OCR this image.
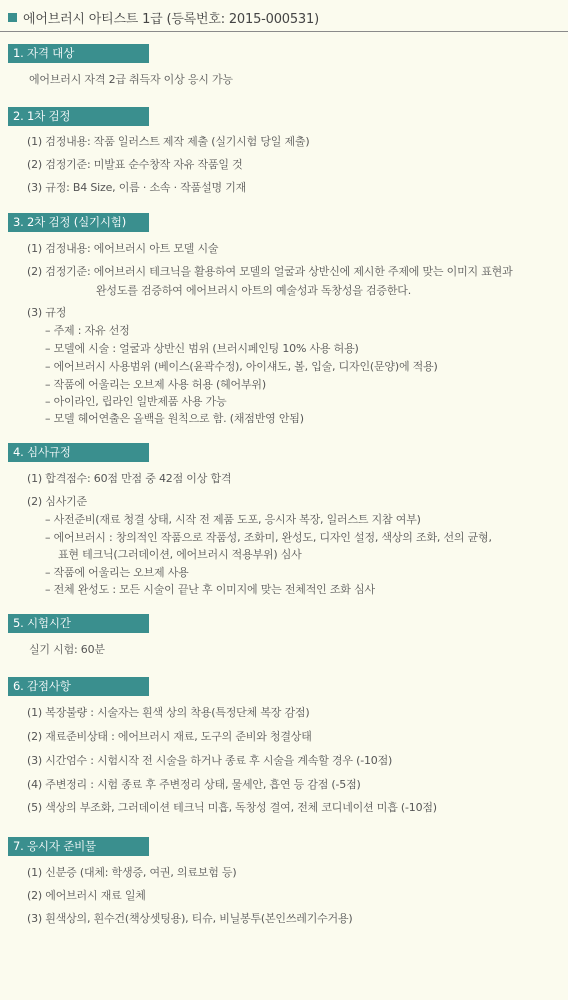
에어브러시 아티스트 1급 (등록번호: 2015-000531)
1. 자격 대상
에어브러시 자격 2급 취득자 이상 응시 가능
2. 1차 검정
(1) 검정내용: 작품 일러스트 제작 제출 (실기시험 당일 제출)
(2) 검정기준: 미발표 순수창작 자유 작품일 것
(3) 규정: B4 Size, 이름 · 소속 · 작품설명 기재
3. 2차 검정 (실기시험)
(1) 검정내용: 에어브러시 아트 모델 시술
(2) 검정기준: 에어브러시 테크닉을 활용하여 모델의 얼굴과 상반신에 제시한 주제에 맞는 이미지 표현과
완성도를 검증하여 에어브러시 아트의 예술성과 독창성을 검증한다.
(3) 규정
– 주제 : 자유 선정
– 모델에 시술 : 얼굴과 상반신 범위 (브러시페인팅 10% 사용 허용)
– 에어브러시 사용범위 (베이스(윤곽수정), 아이섀도, 볼, 입술, 디자인(문양)에 적용)
– 작품에 어울리는 오브제 사용 허용 (헤어부위)
– 아이라인, 립라인 일반제품 사용 가능
– 모델 헤어연출은 올백을 원칙으로 함. (채점반영 안됨)
4. 심사규정
(1) 합격점수: 60점 만점 중 42점 이상 합격
(2) 심사기준
– 사전준비(재료 청결 상태, 시작 전 제품 도포, 응시자 복장, 일러스트 지참 여부)
– 에어브러시 : 창의적인 작품으로 작품성, 조화미, 완성도, 디자인 설정, 색상의 조화, 선의 균형,
표현 테크닉(그러데이션, 에어브러시 적용부위) 심사
– 작품에 어울리는 오브제 사용
– 전체 완성도 : 모든 시술이 끝난 후 이미지에 맞는 전체적인 조화 심사
5. 시험시간
실기 시험: 60분
6. 감점사항
(1) 복장불량 : 시술자는 흰색 상의 착용(특정단체 복장 감점)
(2) 재료준비상태 : 에어브러시 재료, 도구의 준비와 청결상태
(3) 시간엄수 : 시험시작 전 시술을 하거나 종료 후 시술을 계속할 경우 (-10점)
(4) 주변정리 : 시험 종료 후 주변정리 상태, 물세안, 흡연 등 감점 (-5점)
(5) 색상의 부조화, 그러데이션 테크닉 미흡, 독창성 결여, 전체 코디네이션 미흡 (-10점)
7. 응시자 준비물
(1) 신분증 (대체: 학생증, 여권, 의료보험 등)
(2) 에어브러시 재료 일체
(3) 흰색상의, 흰수건(책상셋팅용), 티슈, 비닐봉투(본인쓰레기수거용)
